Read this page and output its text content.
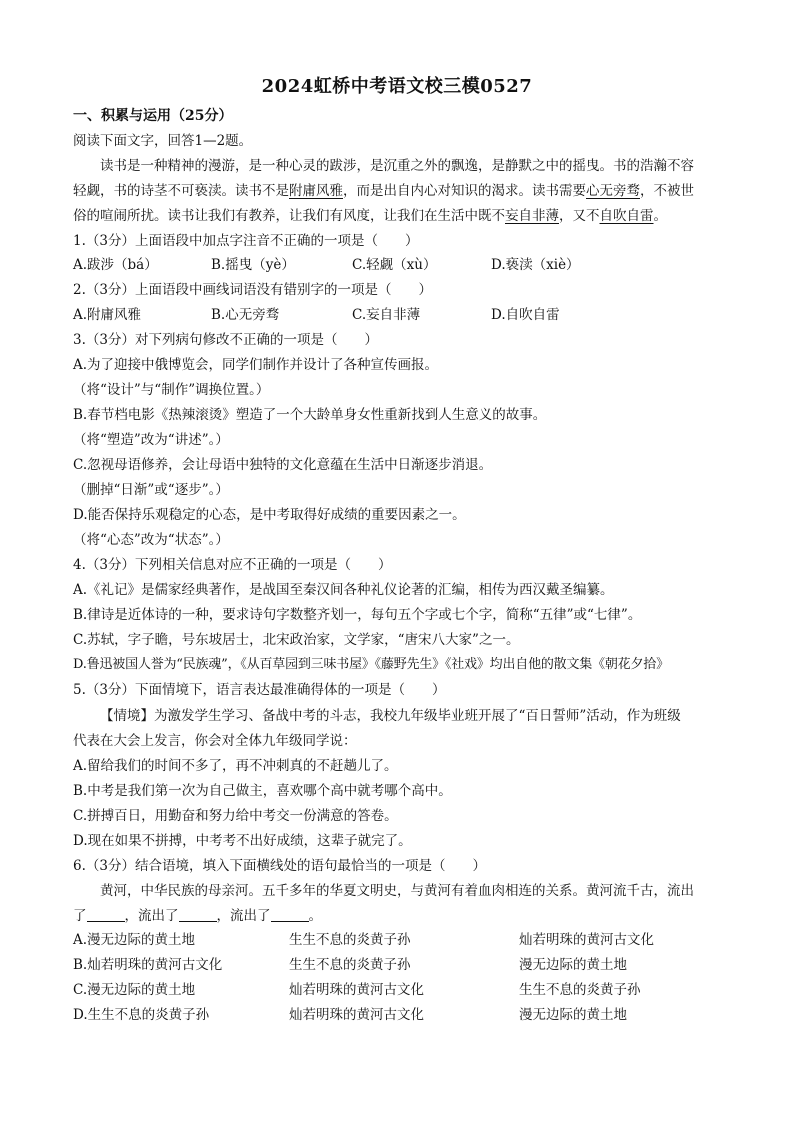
2024虹桥中考语文校三模0527
一、积累与运用（25分）
阅读下面文字，回答1—2题。
读书是一种精神的漫游，是一种心灵的跋涉，是沉重之外的飘逸，是静默之中的摇曳。书的浩瀚不容
轻觑，书的诗茎不可亵渎。读书不是附庸风雅，而是出自内心对知识的渴求。读书需要心无旁骛，不被世
俗的喧闹所扰。读书让我们有教养，让我们有风度，让我们在生活中既不妄自非薄，又不自吹自雷。
1.（3分）上面语段中加点字注音不正确的一项是（　　）
A.跋涉（bá）	B.摇曳（yè）	C.轻觑（xù）	D.亵渎（xiè）
2.（3分）上面语段中画线词语没有错别字的一项是（　　）
A.附庸风雅	B.心无旁骛	C.妄自非薄	D.自吹自雷
3.（3分）对下列病句修改不正确的一项是（　　）
A.为了迎接中俄博览会，同学们制作并设计了各种宣传画报。
（将“设计”与“制作”调换位置。）
B.春节档电影《热辣滚烫》塑造了一个大龄单身女性重新找到人生意义的故事。
（将“塑造”改为“讲述”。）
C.忽视母语修养，会让母语中独特的文化意蕴在生活中日渐逐步消退。
（删掉“日渐”或“逐步”。）
D.能否保持乐观稳定的心态，是中考取得好成绩的重要因素之一。
（将“心态”改为“状态”。）
4.（3分）下列相关信息对应不正确的一项是（　　）
A.《礼记》是儒家经典著作，是战国至秦汉间各种礼仪论著的汇编，相传为西汉戴圣编纂。
B.律诗是近体诗的一种，要求诗句字数整齐划一，每句五个字或七个字，简称“五律”或“七律”。
C.苏轼，字子瞻，号东坡居士，北宋政治家，文学家，“唐宋八大家”之一。
D.鲁迅被国人誉为“民族魂”，《从百草园到三味书屋》《藤野先生》《社戏》均出自他的散文集《朝花夕拾》
5.（3分）下面情境下，语言表达最准确得体的一项是（　　）
【情境】为激发学生学习、备战中考的斗志，我校九年级毕业班开展了“百日誓师”活动，作为班级
代表在大会上发言，你会对全体九年级同学说：
A.留给我们的时间不多了，再不冲刺真的不赶趟儿了。
B.中考是我们第一次为自己做主，喜欢哪个高中就考哪个高中。
C.拼搏百日，用勤奋和努力给中考交一份满意的答卷。
D.现在如果不拼搏，中考考不出好成绩，这辈子就完了。
6.（3分）结合语境，填入下面横线处的语句最恰当的一项是（　　）
黄河，中华民族的母亲河。五千多年的华夏文明史，与黄河有着血肉相连的关系。黄河流千古，流出
了	，流出了	，流出了	。
A.漫无边际的黄土地	生生不息的炎黄子孙	灿若明珠的黄河古文化
B.灿若明珠的黄河古文化	生生不息的炎黄子孙	漫无边际的黄土地
C.漫无边际的黄土地	灿若明珠的黄河古文化	生生不息的炎黄子孙
D.生生不息的炎黄子孙	灿若明珠的黄河古文化	漫无边际的黄土地
